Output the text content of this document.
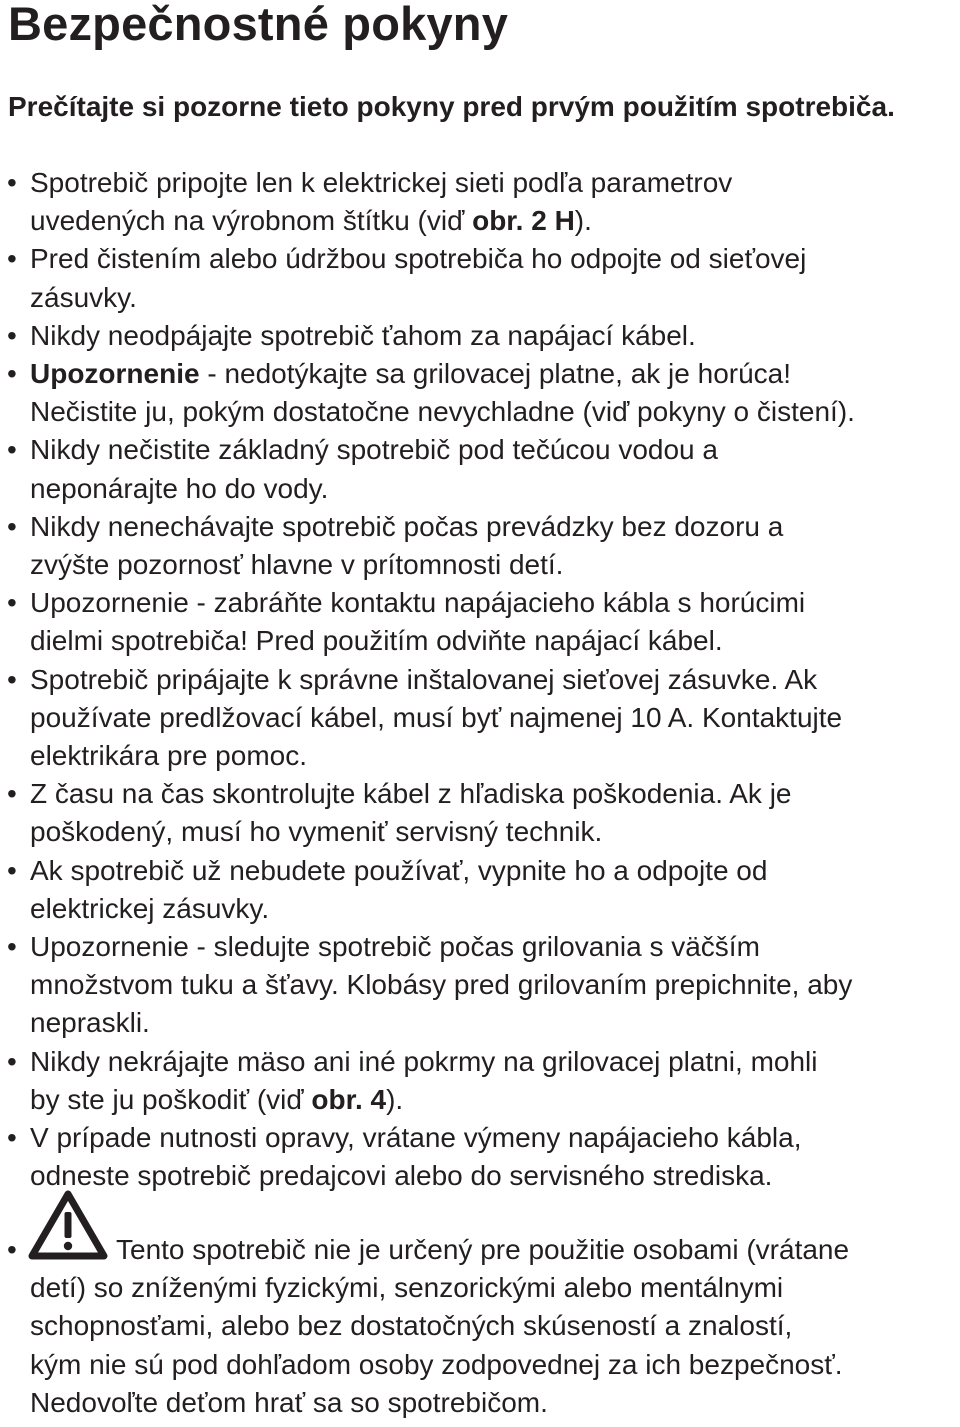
Bezpečnostné pokyny

Prečítajte si pozorne tieto pokyny pred prvým použitím spotrebiča.

• Spotrebič pripojte len k elektrickej sieti podľa parametrov
uvedených na výrobnom štítku (viď obr. 2 H).
• Pred čistením alebo údržbou spotrebiča ho odpojte od sieťovej
zásuvky.
• Nikdy neodpájajte spotrebič ťahom za napájací kábel.
• Upozornenie - nedotýkajte sa grilovacej platne, ak je horúca!
Nečistite ju, pokým dostatočne nevychladne (viď pokyny o čistení).
• Nikdy nečistite základný spotrebič pod tečúcou vodou a
neponárajte ho do vody.
• Nikdy nenechávajte spotrebič počas prevádzky bez dozoru a
zvýšte pozornosť hlavne v prítomnosti detí.
• Upozornenie - zabráňte kontaktu napájacieho kábla s horúcimi
dielmi spotrebiča! Pred použitím odviňte napájací kábel.
• Spotrebič pripájajte k správne inštalovanej sieťovej zásuvke. Ak
používate predlžovací kábel, musí byť najmenej 10 A. Kontaktujte
elektrikára pre pomoc.
• Z času na čas skontrolujte kábel z hľadiska poškodenia. Ak je
poškodený, musí ho vymeniť servisný technik.
• Ak spotrebič už nebudete používať, vypnite ho a odpojte od
elektrickej zásuvky.
• Upozornenie - sledujte spotrebič počas grilovania s väčším
množstvom tuku a šťavy. Klobásy pred grilovaním prepichnite, aby
nepraskli.
• Nikdy nekrájajte mäso ani iné pokrmy na grilovacej platni, mohli
by ste ju poškodiť (viď obr. 4).
• V prípade nutnosti opravy, vrátane výmeny napájacieho kábla,
odneste spotrebič predajcovi alebo do servisného strediska.
•	Tento spotrebič nie je určený pre použitie osobami (vrátane
detí) so zníženými fyzickými, senzorickými alebo mentálnymi
schopnosťami, alebo bez dostatočných skúseností a znalostí,
kým nie sú pod dohľadom osoby zodpovednej za ich bezpečnosť.
Nedovoľte deťom hrať sa so spotrebičom.
